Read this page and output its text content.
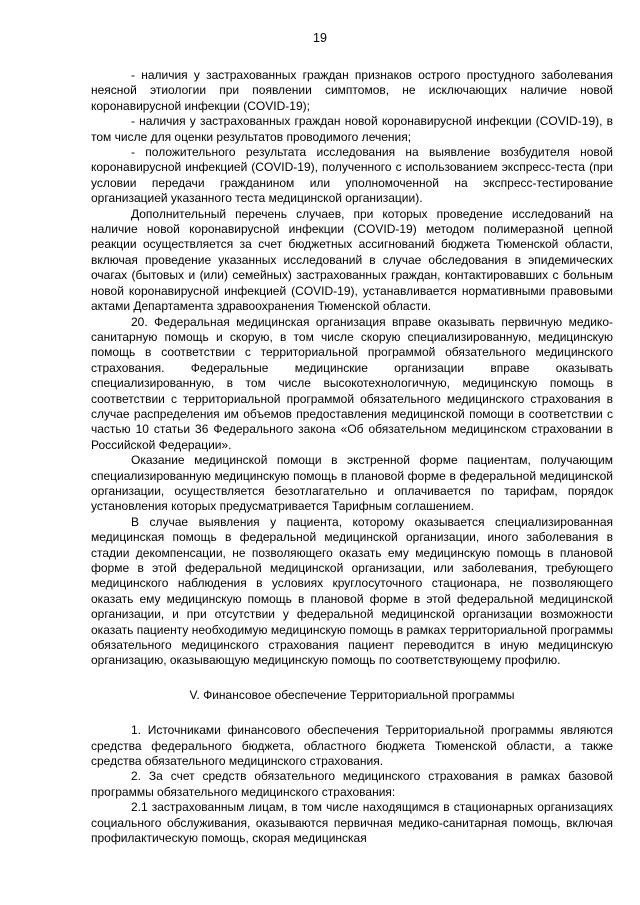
19

- наличия у застрахованных граждан признаков острого простудного заболевания неясной этиологии при появлении симптомов, не исключающих наличие новой коронавирусной инфекции (COVID-19);

- наличия у застрахованных граждан новой коронавирусной инфекции (COVID-19), в том числе для оценки результатов проводимого лечения;

- положительного результата исследования на выявление возбудителя новой коронавирусной инфекцией (COVID-19), полученного с использованием экспресс-теста (при условии передачи гражданином или уполномоченной на экспресс-тестирование организацией указанного теста медицинской организации).

Дополнительный перечень случаев, при которых проведение исследований на наличие новой коронавирусной инфекции (COVID-19) методом полимеразной цепной реакции осуществляется за счет бюджетных ассигнований бюджета Тюменской области, включая проведение указанных исследований в случае обследования в эпидемических очагах (бытовых и (или) семейных) застрахованных граждан, контактировавших с больным новой коронавирусной инфекцией (COVID-19), устанавливается нормативными правовыми актами Департамента здравоохранения Тюменской области.

20. Федеральная медицинская организация вправе оказывать первичную медико-санитарную помощь и скорую, в том числе скорую специализированную, медицинскую помощь в соответствии с территориальной программой обязательного медицинского страхования. Федеральные медицинские организации вправе оказывать специализированную, в том числе высокотехнологичную, медицинскую помощь в соответствии с территориальной программой обязательного медицинского страхования в случае распределения им объемов предоставления медицинской помощи в соответствии с частью 10 статьи 36 Федерального закона «Об обязательном медицинском страховании в Российской Федерации».

Оказание медицинской помощи в экстренной форме пациентам, получающим специализированную медицинскую помощь в плановой форме в федеральной медицинской организации, осуществляется безотлагательно и оплачивается по тарифам, порядок установления которых предусматривается Тарифным соглашением.

В случае выявления у пациента, которому оказывается специализированная медицинская помощь в федеральной медицинской организации, иного заболевания в стадии декомпенсации, не позволяющего оказать ему медицинскую помощь в плановой форме в этой федеральной медицинской организации, или заболевания, требующего медицинского наблюдения в условиях круглосуточного стационара, не позволяющего оказать ему медицинскую помощь в плановой форме в этой федеральной медицинской организации, и при отсутствии у федеральной медицинской организации возможности оказать пациенту необходимую медицинскую помощь в рамках территориальной программы обязательного медицинского страхования пациент переводится в иную медицинскую организацию, оказывающую медицинскую помощь по соответствующему профилю.

V. Финансовое обеспечение Территориальной программы

1. Источниками финансового обеспечения Территориальной программы являются средства федерального бюджета, областного бюджета Тюменской области, а также средства обязательного медицинского страхования.

2. За счет средств обязательного медицинского страхования в рамках базовой программы обязательного медицинского страхования:

2.1 застрахованным лицам, в том числе находящимся в стационарных организациях социального обслуживания, оказываются первичная медико-санитарная помощь, включая профилактическую помощь, скорая медицинская
